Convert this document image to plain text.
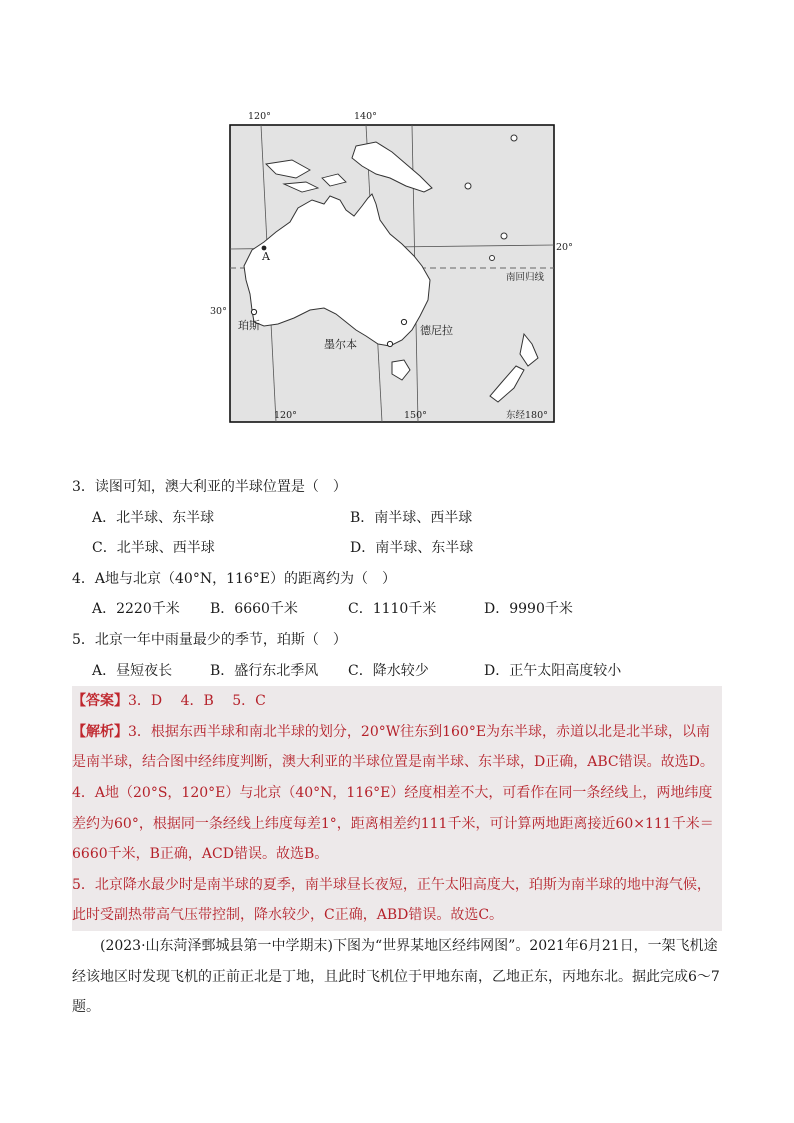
120°	140°
120°	150°	东经180°
20°
30°
A
珀斯
墨尔本
德尼拉
南回归线

3．读图可知，澳大利亚的半球位置是（　）

A．北半球、东半球	B．南半球、西半球
C．北半球、西半球	D．南半球、东半球

4．A地与北京（40°N，116°E）的距离约为（　）

A．2220千米	B．6660千米	C．1110千米	D．9990千米

5．北京一年中雨量最少的季节，珀斯（　）

A．昼短夜长	B．盛行东北季风	C．降水较少	D．正午太阳高度较小

【答案】3．D　 4．B　 5．C

【解析】3．根据东西半球和南北半球的划分，20°W往东到160°E为东半球，赤道以北是北半球，以南是南半球，结合图中经纬度判断，澳大利亚的半球位置是南半球、东半球，D正确，ABC错误。故选D。

4．A地（20°S，120°E）与北京（40°N，116°E）经度相差不大，可看作在同一条经线上，两地纬度差约为60°，根据同一条经线上纬度每差1°，距离相差约111千米，可计算两地距离接近60×111千米＝6660千米，B正确，ACD错误。故选B。

5．北京降水最少时是南半球的夏季，南半球昼长夜短，正午太阳高度大，珀斯为南半球的地中海气候，此时受副热带高气压带控制，降水较少，C正确，ABD错误。故选C。

(2023·山东菏泽鄄城县第一中学期末)下图为“世界某地区经纬网图”。2021年6月21日，一架飞机途经该地区时发现飞机的正前正北是丁地，且此时飞机位于甲地东南，乙地正东，丙地东北。据此完成6～7题。
